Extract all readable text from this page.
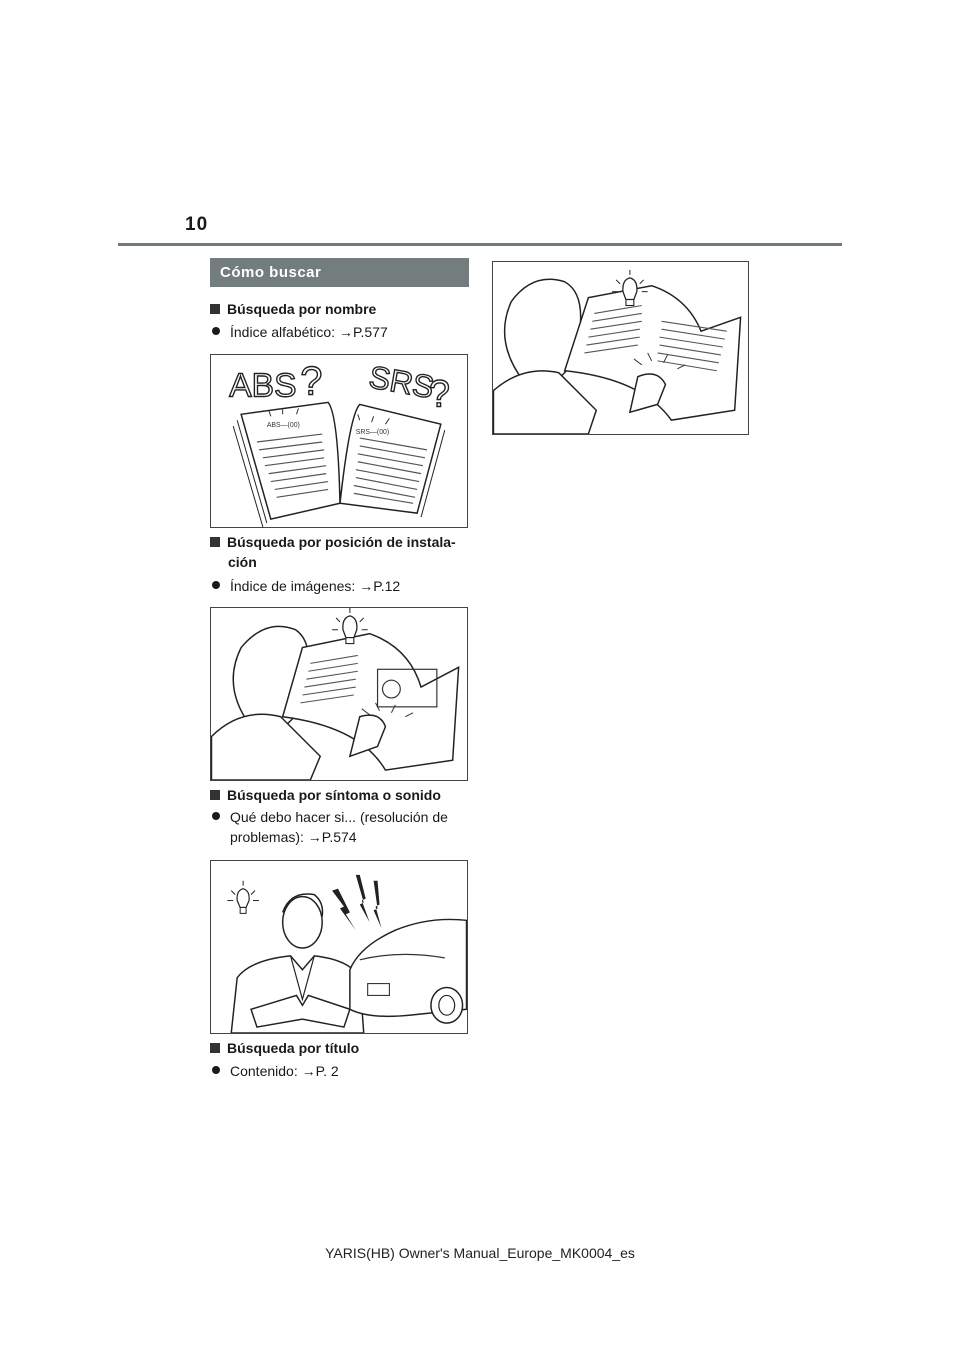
10
Cómo buscar
Búsqueda por nombre
Índice alfabético: →P.577
ABS ? SRS
?
ABS—(00)
SRS—(00)
Búsqueda por posición de instala-
ción
Índice de imágenes: →P.12
Búsqueda por síntoma o sonido
Qué debo hacer si... (resolución de
problemas): →P.574
Búsqueda por título
Contenido: →P. 2
YARIS(HB) Owner's Manual_Europe_MK0004_es
